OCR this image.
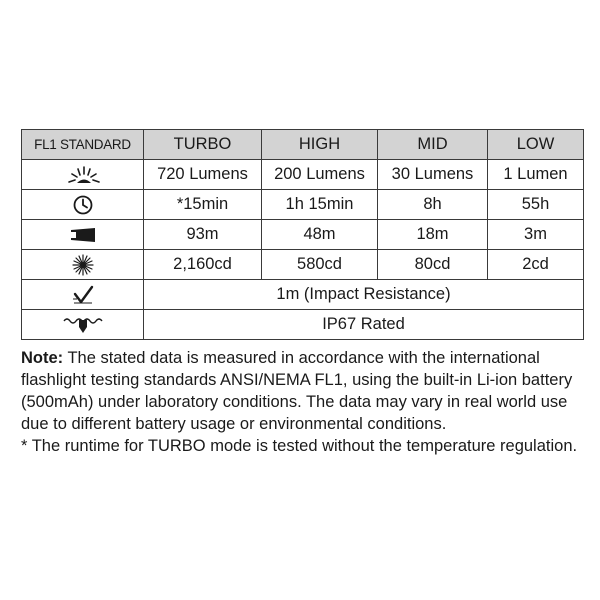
FL1 STANDARD	TURBO	HIGH	MID	LOW

	720 Lumens	200 Lumens	30 Lumens	1 Lumen

	*15min	1h 15min	8h	55h

	93m	48m	18m	3m

	2,160cd	580cd	80cd	2cd

	1m (Impact Resistance)			

	IP67 Rated			

Note: The stated data is measured in accordance with the international flashlight testing standards ANSI/NEMA FL1, using the built-in Li-ion battery (500mAh) under laboratory conditions. The data may vary in real world use due to different battery usage or environmental conditions.

* The runtime for TURBO mode is tested without the temperature regulation.
